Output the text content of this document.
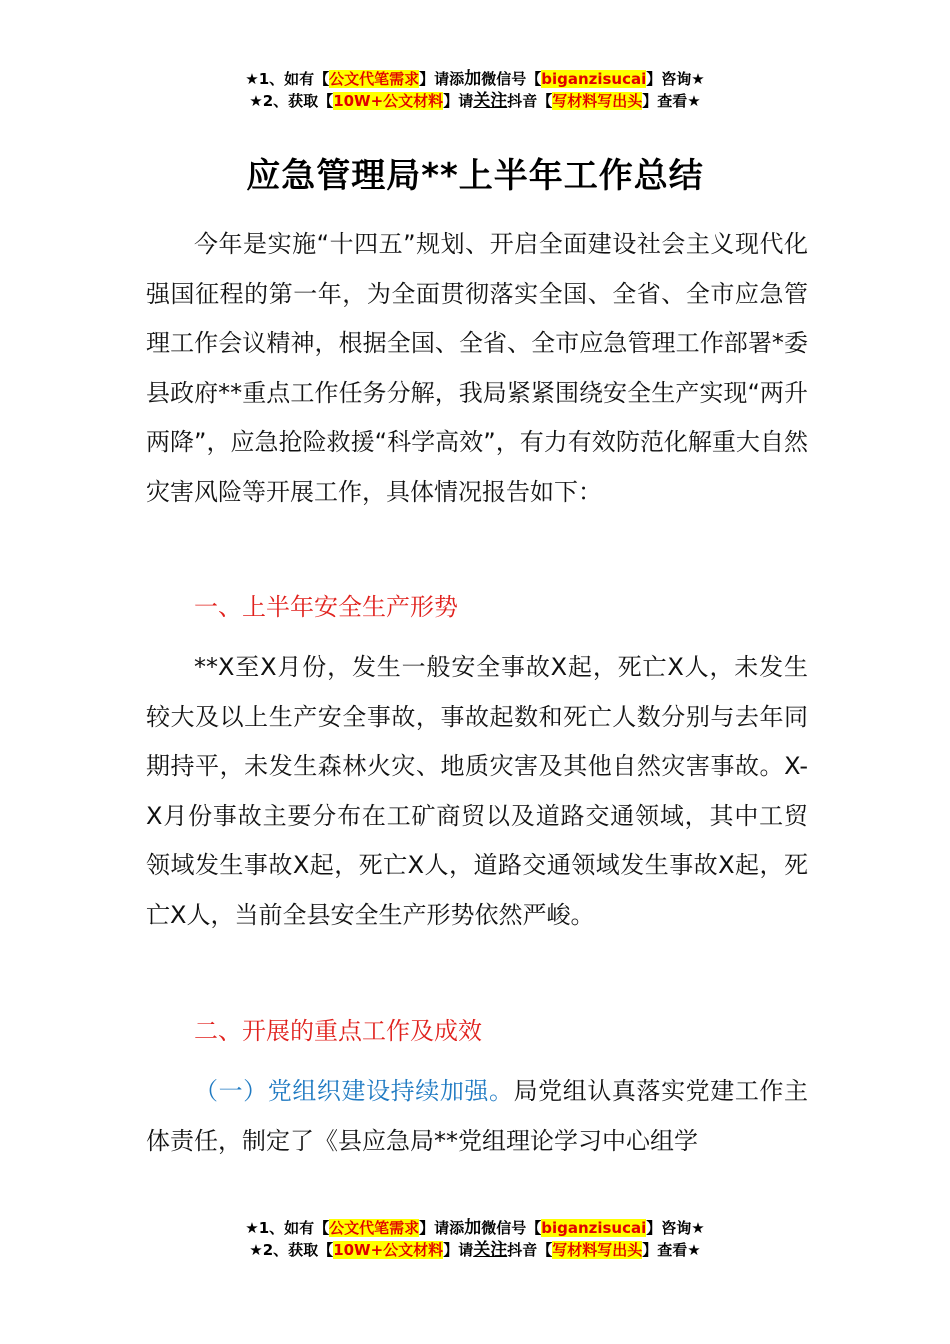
★1、如有【公文代笔需求】请添加微信号【biganzisucai】咨询★
★2、获取【10W+公文材料】请关注抖音【写材料写出头】查看★
应急管理局**上半年工作总结
今年是实施“十四五”规划、开启全面建设社会主义现代化强国征程的第一年，为全面贯彻落实全国、全省、全市应急管理工作会议精神，根据全国、全省、全市应急管理工作部署*委县政府**重点工作任务分解，我局紧紧围绕安全生产实现“两升两降”，应急抢险救援“科学高效”，有力有效防范化解重大自然灾害风险等开展工作，具体情况报告如下：
一、上半年安全生产形势
**X至X月份，发生一般安全事故X起，死亡X人，未发生较大及以上生产安全事故，事故起数和死亡人数分别与去年同期持平，未发生森林火灾、地质灾害及其他自然灾害事故。X-X月份事故主要分布在工矿商贸以及道路交通领域，其中工贸领域发生事故X起，死亡X人，道路交通领域发生事故X起，死亡X人，当前全县安全生产形势依然严峻。
二、开展的重点工作及成效
（一）党组织建设持续加强。局党组认真落实党建工作主体责任，制定了《县应急局**党组理论学习中心组学
★1、如有【公文代笔需求】请添加微信号【biganzisucai】咨询★
★2、获取【10W+公文材料】请关注抖音【写材料写出头】查看★
